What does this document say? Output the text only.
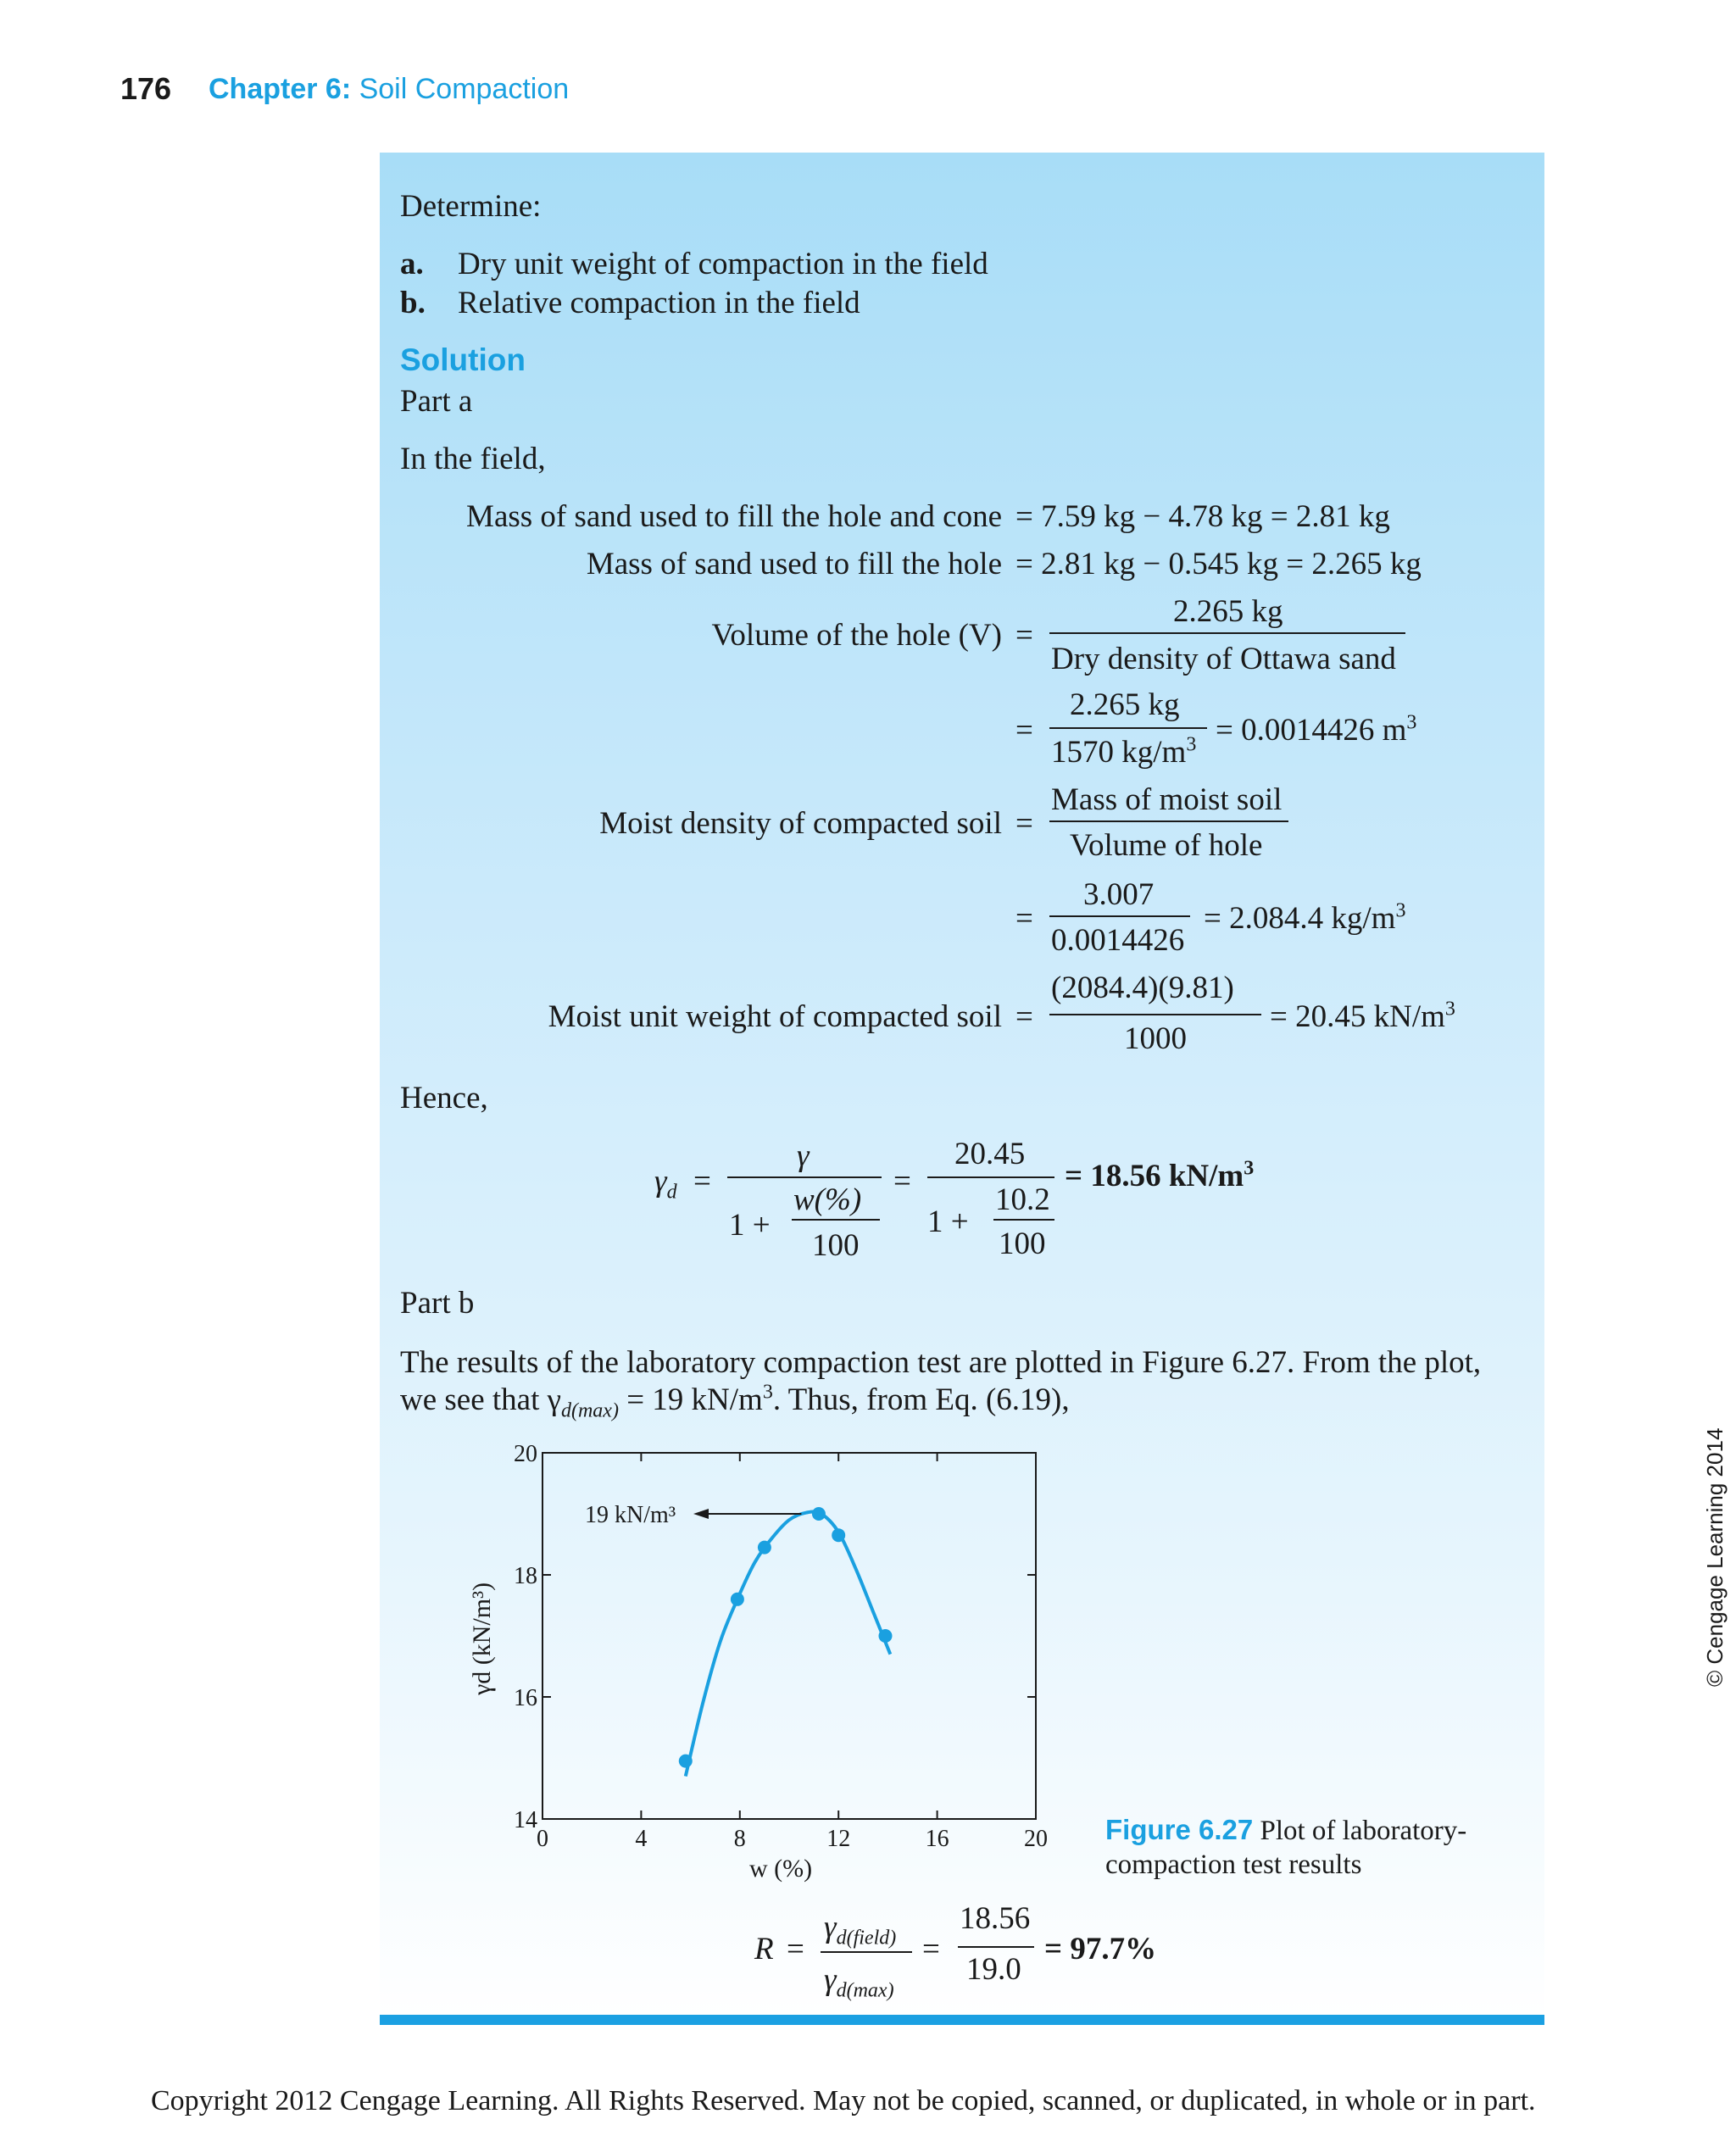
176 Chapter 6: Soil Compaction
Determine:
a. Dry unit weight of compaction in the field
b. Relative compaction in the field
Solution
Part a
In the field,
Mass of sand used to fill the hole and cone = 7.59 kg − 4.78 kg = 2.81 kg
Mass of sand used to fill the hole = 2.81 kg − 0.545 kg = 2.265 kg
Volume of the hole (V) =
2.265 kg
Dry density of Ottawa sand
=
2.265 kg
1570 $kg/m^3 = 0.0014426$ $m^3$
Moist density of compacted soil =
Mass of moist soil
Volume of hole
=
3.007
0.0014426
= 2.084.4 $kg/m^3$
Moist unit weight of compacted soil =
(2084.4)(9.81)
1000
= 20.45 $kN/m^3$
Hence,
$\gamma_d$ =
γ
1 +
w(%)
100
=
20.45
1 +
10.2
100
= 18.56 $kN/m^3$
Part b
The results of the laboratory compaction test are plotted in Figure 6.27. From the plot,
we see that $\gamma_{d(max)} = 19$ $kN/m^3$. Thus, from Eq. (6.19),
0	4	8	12	16	20
14
16
18
20
19 kN/m³
w (%)
γd (kN/m³)	© Cengage Learning 2014
Figure 6.27 Plot of laboratory-
compaction test results
R =
$\gamma_{d(field)}$
$\gamma_{d(max)}$
=
18.56
19.0
= 97.7%
Copyright 2012 Cengage Learning. All Rights Reserved. May not be copied, scanned, or duplicated, in whole or in part.
